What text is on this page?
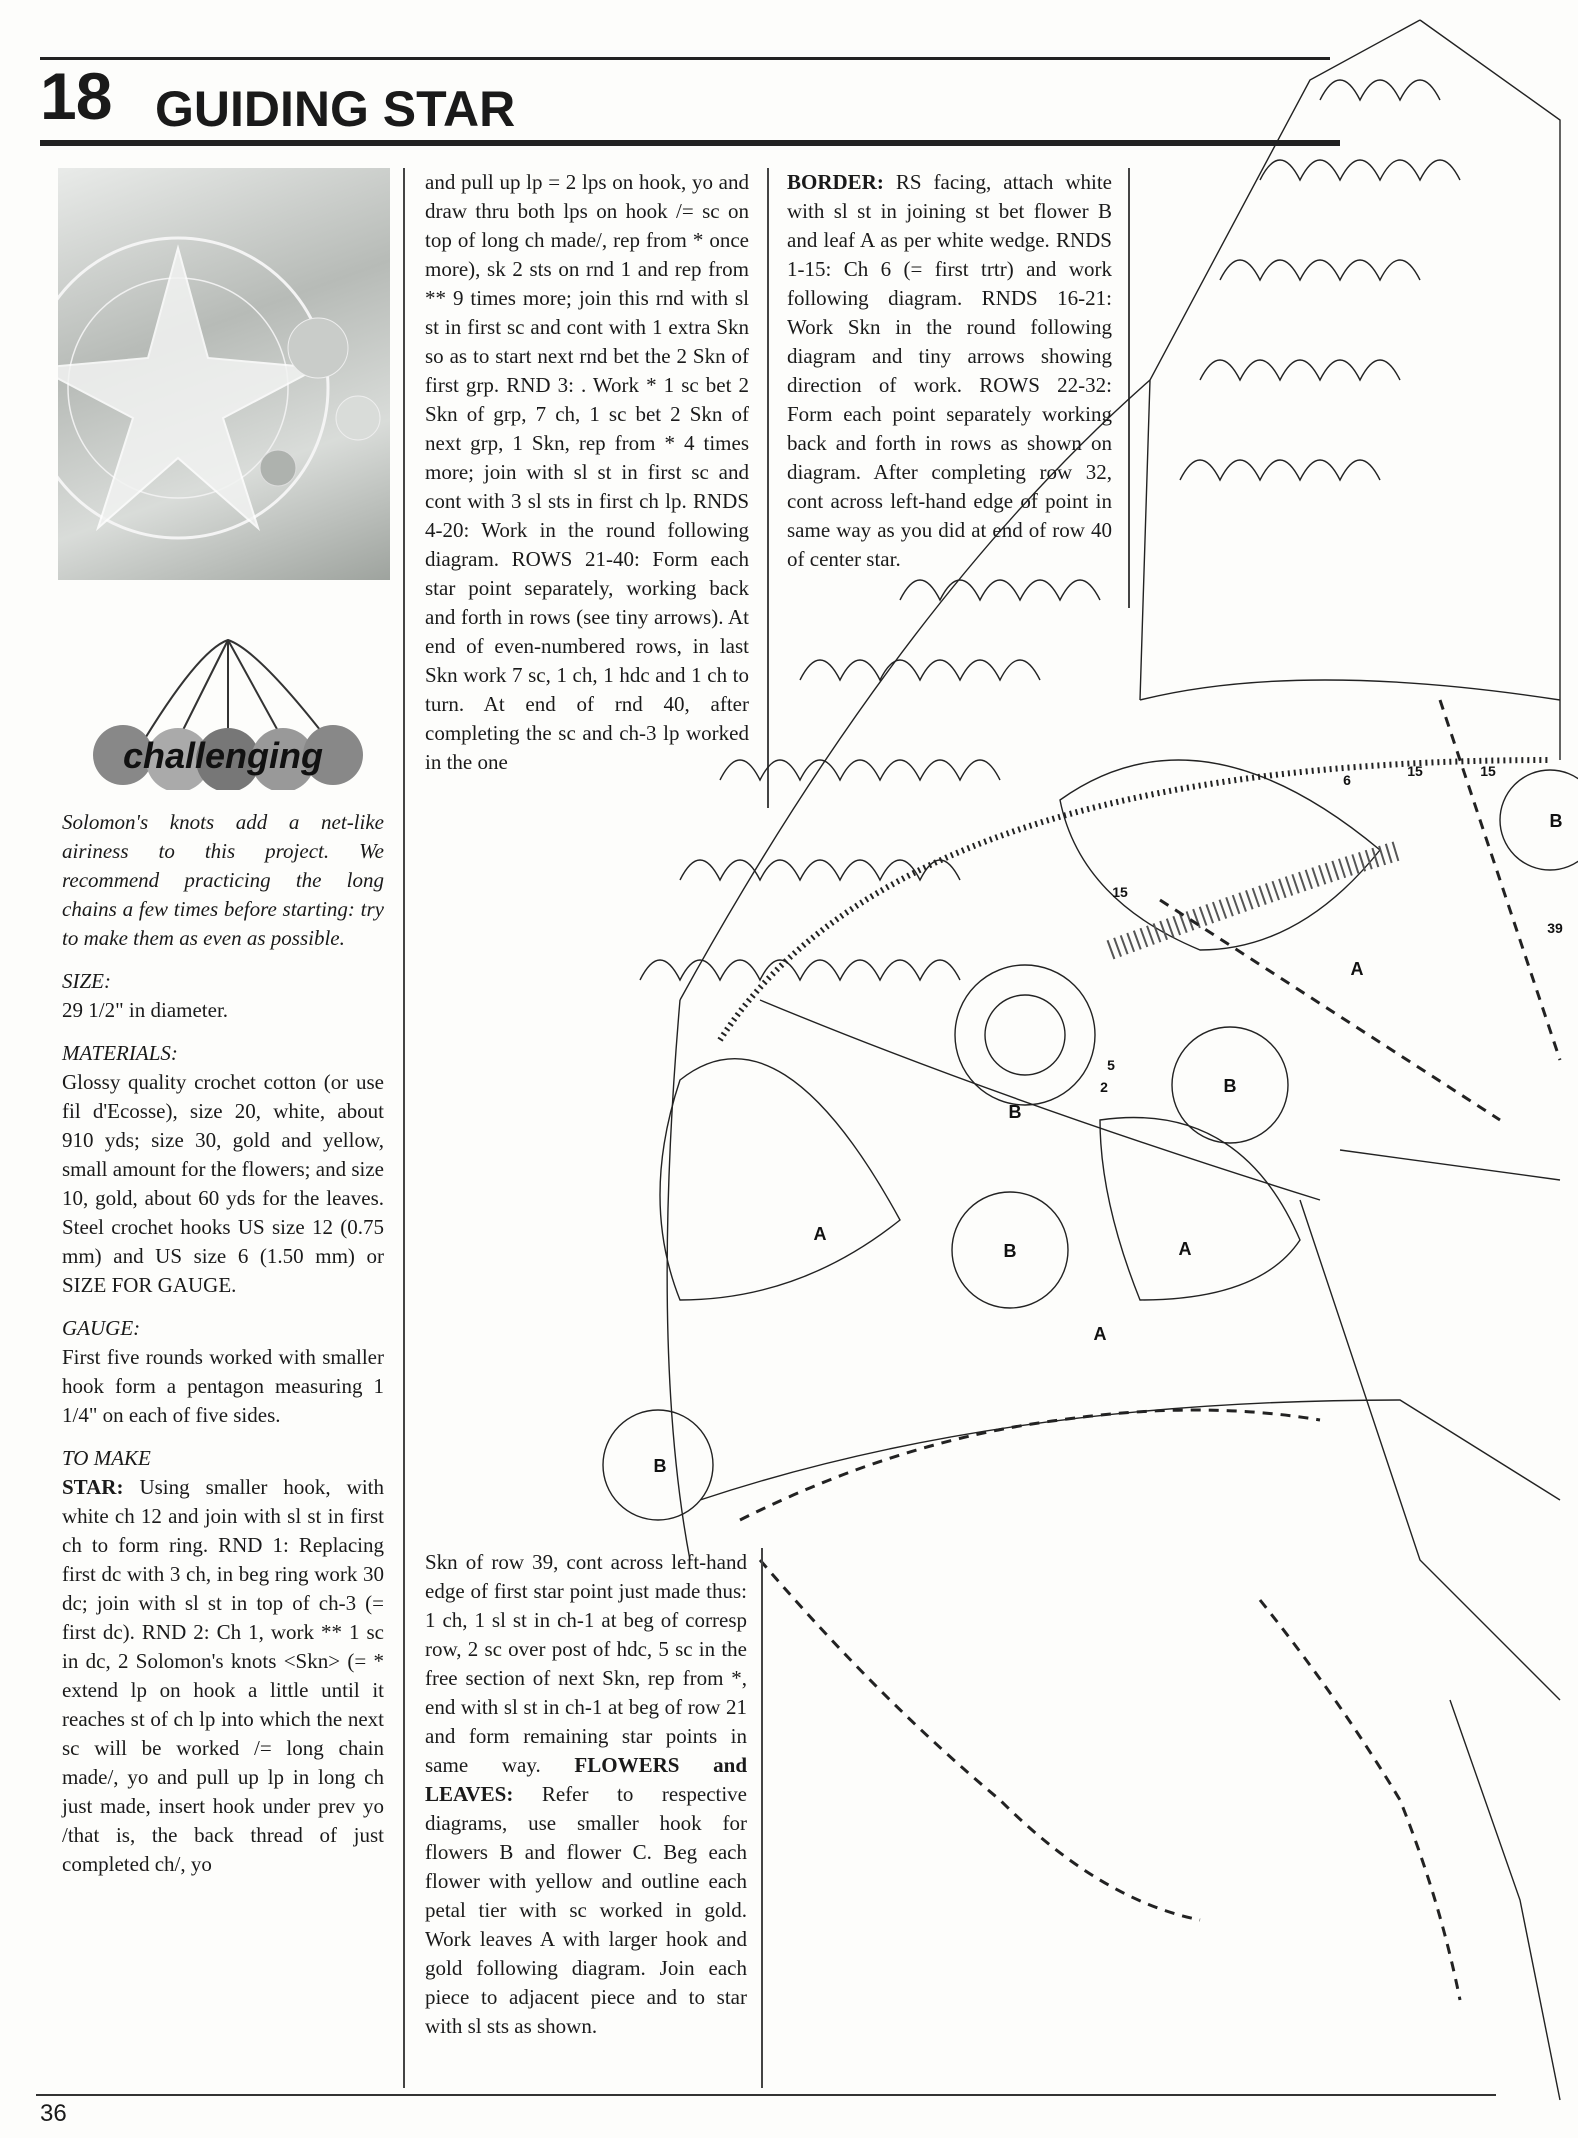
18 GUIDING STAR
challenging

Solomon's knots add a net-like airiness to this project. We recommend practicing the long chains a few times before starting: try to make them as even as possible.

SIZE:

29 1/2" in diameter.

MATERIALS:

Glossy quality crochet cotton (or use fil d'Ecosse), size 20, white, about 910 yds; size 30, gold and yellow, small amount for the flowers; and size 10, gold, about 60 yds for the leaves. Steel crochet hooks US size 12 (0.75 mm) and US size 6 (1.50 mm) or SIZE FOR GAUGE.

GAUGE:

First five rounds worked with smaller hook form a pentagon measuring 1 1/4" on each of five sides.

TO MAKE

STAR: Using smaller hook, with white ch 12 and join with sl st in first ch to form ring. RND 1: Replacing first dc with 3 ch, in beg ring work 30 dc; join with sl st in top of ch-3 (= first dc). RND 2: Ch 1, work ** 1 sc in dc, 2 Solomon's knots <Skn> (= * extend lp on hook a little until it reaches st of ch lp into which the next sc will be worked /= long chain made/, yo and pull up lp in long ch just made, insert hook under prev yo /that is, the back thread of just completed ch/, yo

and pull up lp = 2 lps on hook, yo and draw thru both lps on hook /= sc on top of long ch made/, rep from * once more), sk 2 sts on rnd 1 and rep from ** 9 times more; join this rnd with sl st in first sc and cont with 1 extra Skn so as to start next rnd bet the 2 Skn of first grp. RND 3: . Work * 1 sc bet 2 Skn of grp, 7 ch, 1 sc bet 2 Skn of next grp, 1 Skn, rep from * 4 times more; join with sl st in first sc and cont with 3 sl sts in first ch lp. RNDS 4-20: Work in the round following diagram. ROWS 21-40: Form each star point separately, working back and forth in rows (see tiny arrows). At end of even-numbered rows, in last Skn work 7 sc, 1 ch, 1 hdc and 1 ch to turn. At end of rnd 40, after completing the sc and ch-3 lp worked in the one

BORDER: RS facing, attach white with sl st in joining st bet flower B and leaf A as per white wedge. RNDS 1-15: Ch 6 (= first trtr) and work following diagram. RNDS 16-21: Work Skn in the round following diagram and tiny arrows showing direction of work. ROWS 22-32: Form each point separately working back and forth in rows as shown on diagram. After completing row 32, cont across left-hand edge of point in same way as you did at end of row 40 of center star.

A
B
B
A
B	A
B
B
A
15	15
15
6
5
2
39

Skn of row 39, cont across left-hand edge of first star point just made thus: 1 ch, 1 sl st in ch-1 at beg of corresp row, 2 sc over post of hdc, 5 sc in the free section of next Skn, rep from *, end with sl st in ch-1 at beg of row 21 and form remaining star points in same way. FLOWERS and LEAVES: Refer to respective diagrams, use smaller hook for flowers B and flower C. Beg each flower with yellow and outline each petal tier with sc worked in gold. Work leaves A with larger hook and gold following diagram. Join each piece to adjacent piece and to star with sl sts as shown.

36
